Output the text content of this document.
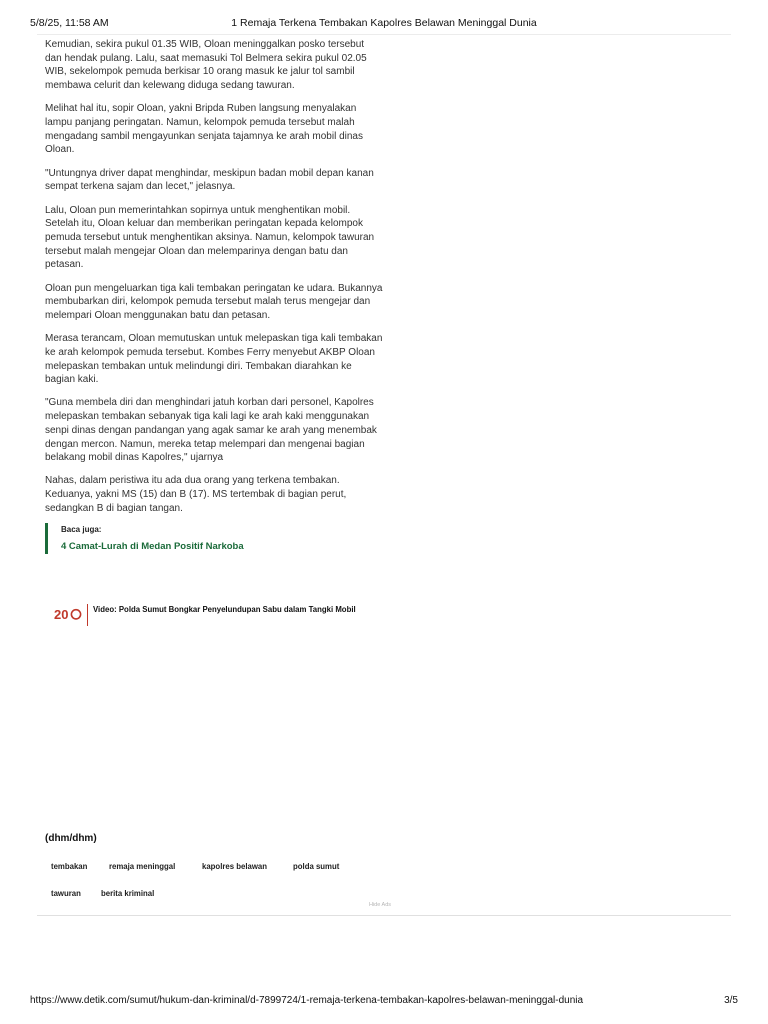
5/8/25, 11:58 AM	1 Remaja Terkena Tembakan Kapolres Belawan Meninggal Dunia

Kemudian, sekira pukul 01.35 WIB, Oloan meninggalkan posko tersebut dan hendak pulang. Lalu, saat memasuki Tol Belmera sekira pukul 02.05 WIB, sekelompok pemuda berkisar 10 orang masuk ke jalur tol sambil membawa celurit dan kelewang diduga sedang tawuran.

Melihat hal itu, sopir Oloan, yakni Bripda Ruben langsung menyalakan lampu panjang peringatan. Namun, kelompok pemuda tersebut malah mengadang sambil mengayunkan senjata tajamnya ke arah mobil dinas Oloan.

"Untungnya driver dapat menghindar, meskipun badan mobil depan kanan sempat terkena sajam dan lecet," jelasnya.

Lalu, Oloan pun memerintahkan sopirnya untuk menghentikan mobil. Setelah itu, Oloan keluar dan memberikan peringatan kepada kelompok pemuda tersebut untuk menghentikan aksinya. Namun, kelompok tawuran tersebut malah mengejar Oloan dan melemparinya dengan batu dan petasan.

Oloan pun mengeluarkan tiga kali tembakan peringatan ke udara. Bukannya membubarkan diri, kelompok pemuda tersebut malah terus mengejar dan melempari Oloan menggunakan batu dan petasan.

Merasa terancam, Oloan memutuskan untuk melepaskan tiga kali tembakan ke arah kelompok pemuda tersebut. Kombes Ferry menyebut AKBP Oloan melepaskan tembakan untuk melindungi diri. Tembakan diarahkan ke bagian kaki.

"Guna membela diri dan menghindari jatuh korban dari personel, Kapolres melepaskan tembakan sebanyak tiga kali lagi ke arah kaki menggunakan senpi dinas dengan pandangan yang agak samar ke arah yang menembak dengan mercon. Namun, mereka tetap melempari dan mengenai bagian belakang mobil dinas Kapolres," ujarnya

Nahas, dalam peristiwa itu ada dua orang yang terkena tembakan. Keduanya, yakni MS (15) dan B (17). MS tertembak di bagian perut, sedangkan B di bagian tangan.

Baca juga:
4 Camat-Lurah di Medan Positif Narkoba
20	Video: Polda Sumut Bongkar Penyelundupan Sabu dalam Tangki Mobil
(dhm/dhm)
tembakan	remaja meninggal	kapolres belawan	polda sumut
tawuran	berita kriminal
Hide Ads
https://www.detik.com/sumut/hukum-dan-kriminal/d-7899724/1-remaja-terkena-tembakan-kapolres-belawan-meninggal-dunia	3/5
